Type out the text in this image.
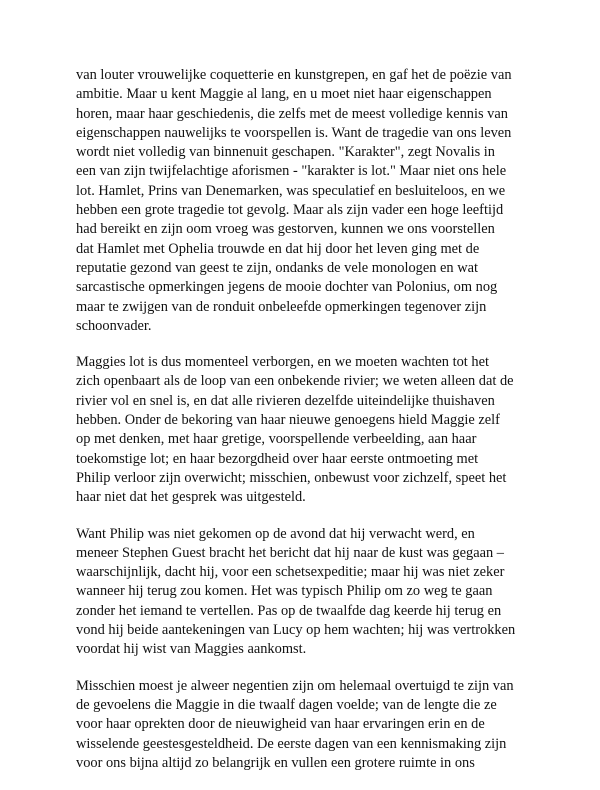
van louter vrouwelijke coquetterie en kunstgrepen, en gaf het de poëzie van
ambitie. Maar u kent Maggie al lang, en u moet niet haar eigenschappen
horen, maar haar geschiedenis, die zelfs met de meest volledige kennis van
eigenschappen nauwelijks te voorspellen is. Want de tragedie van ons leven
wordt niet volledig van binnenuit geschapen. "Karakter", zegt Novalis in
een van zijn twijfelachtige aforismen - "karakter is lot." Maar niet ons hele
lot. Hamlet, Prins van Denemarken, was speculatief en besluiteloos, en we
hebben een grote tragedie tot gevolg. Maar als zijn vader een hoge leeftijd
had bereikt en zijn oom vroeg was gestorven, kunnen we ons voorstellen
dat Hamlet met Ophelia trouwde en dat hij door het leven ging met de
reputatie gezond van geest te zijn, ondanks de vele monologen en wat
sarcastische opmerkingen jegens de mooie dochter van Polonius, om nog
maar te zwijgen van de ronduit onbeleefde opmerkingen tegenover zijn
schoonvader.

Maggies lot is dus momenteel verborgen, en we moeten wachten tot het
zich openbaart als de loop van een onbekende rivier; we weten alleen dat de
rivier vol en snel is, en dat alle rivieren dezelfde uiteindelijke thuishaven
hebben. Onder de bekoring van haar nieuwe genoegens hield Maggie zelf
op met denken, met haar gretige, voorspellende verbeelding, aan haar
toekomstige lot; en haar bezorgdheid over haar eerste ontmoeting met
Philip verloor zijn overwicht; misschien, onbewust voor zichzelf, speet het
haar niet dat het gesprek was uitgesteld.

Want Philip was niet gekomen op de avond dat hij verwacht werd, en
meneer Stephen Guest bracht het bericht dat hij naar de kust was gegaan –
waarschijnlijk, dacht hij, voor een schetsexpeditie; maar hij was niet zeker
wanneer hij terug zou komen. Het was typisch Philip om zo weg te gaan
zonder het iemand te vertellen. Pas op de twaalfde dag keerde hij terug en
vond hij beide aantekeningen van Lucy op hem wachten; hij was vertrokken
voordat hij wist van Maggies aankomst.

Misschien moest je alweer negentien zijn om helemaal overtuigd te zijn van
de gevoelens die Maggie in die twaalf dagen voelde; van de lengte die ze
voor haar oprekten door de nieuwigheid van haar ervaringen erin en de
wisselende geestesgesteldheid. De eerste dagen van een kennismaking zijn
voor ons bijna altijd zo belangrijk en vullen een grotere ruimte in ons
